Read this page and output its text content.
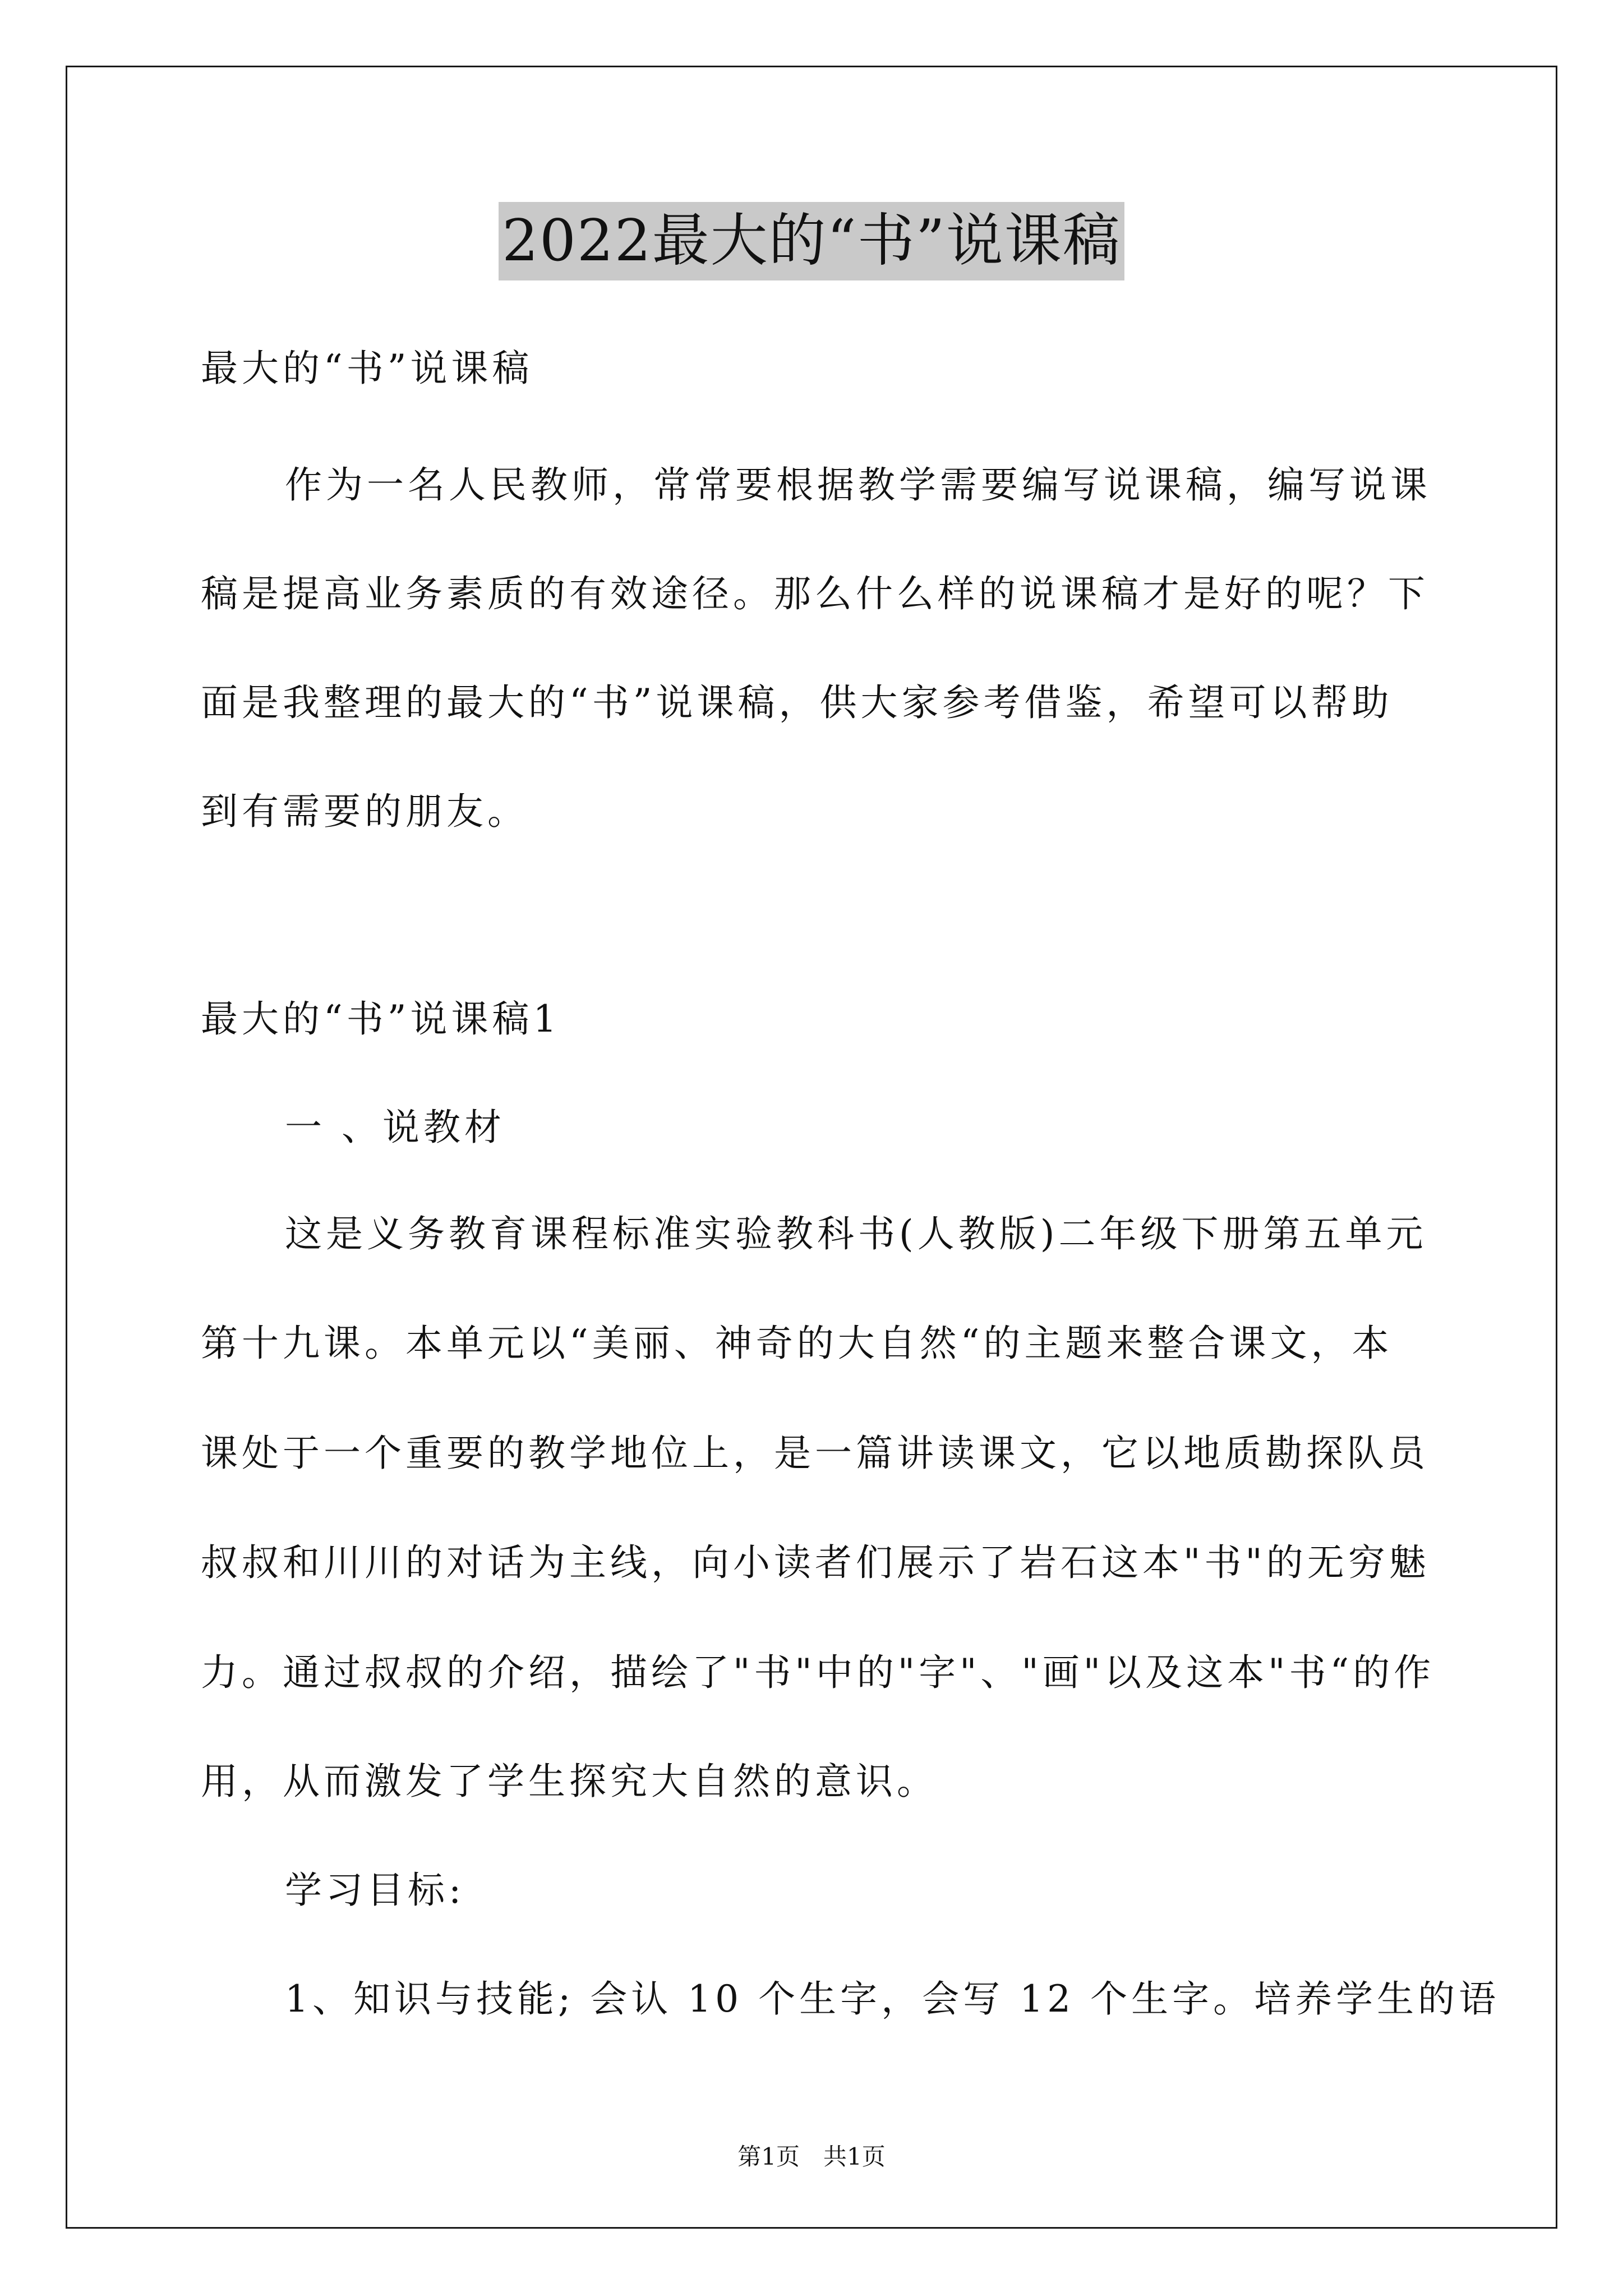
2022最大的“书”说课稿

最大的“书”说课稿

作为一名人民教师，常常要根据教学需要编写说课稿，编写说课

稿是提高业务素质的有效途径。那么什么样的说课稿才是好的呢？下

面是我整理的最大的“书”说课稿，供大家参考借鉴，希望可以帮助

到有需要的朋友。

最大的“书”说课稿1

一 、说教材

这是义务教育课程标准实验教科书(人教版)二年级下册第五单元

第十九课。本单元以“美丽、神奇的大自然“的主题来整合课文，本

课处于一个重要的教学地位上，是一篇讲读课文，它以地质勘探队员

叔叔和川川的对话为主线，向小读者们展示了岩石这本"书"的无穷魅

力。通过叔叔的介绍，描绘了"书"中的"字"、"画"以及这本"书“的作

用，从而激发了学生探究大自然的意识。

学习目标:

1、知识与技能; 会认 10 个生字，会写 12 个生字。培养学生的语

第1页　共1页
